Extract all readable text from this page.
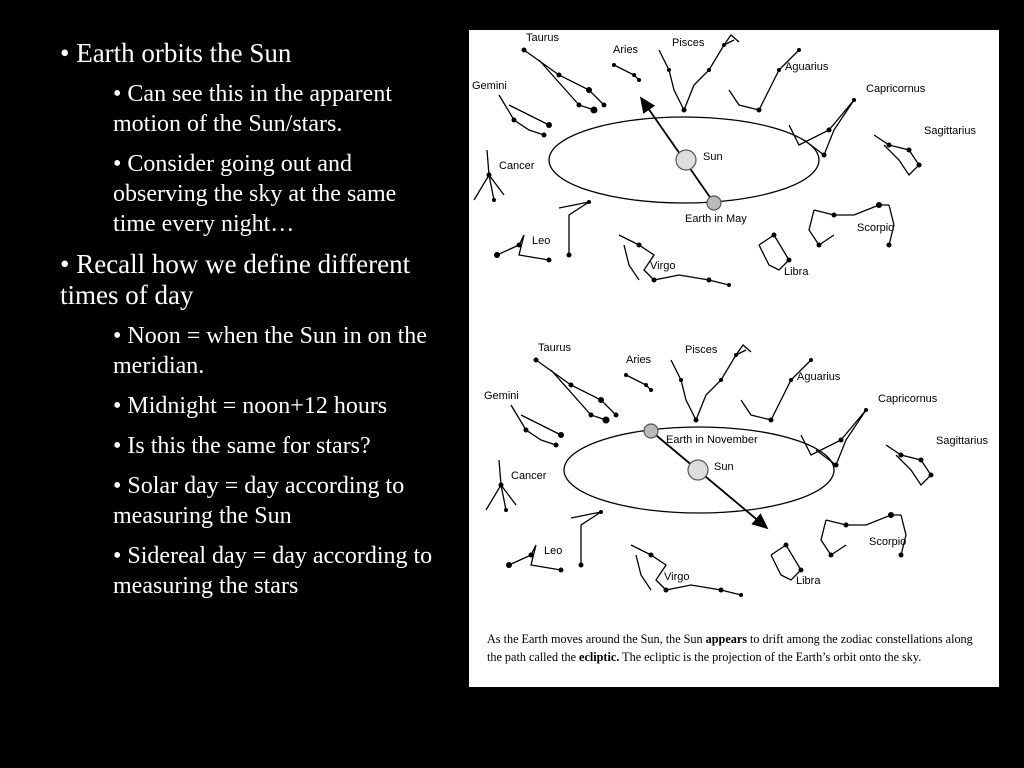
• Earth orbits the Sun
• Can see this in the apparent motion of the Sun/stars.
• Consider going out and observing the sky at the same time every night…
• Recall how we define different times of day
• Noon = when the Sun in on the meridian.
• Midnight = noon+12 hours
• Is this the same for stars?
• Solar day = day according to measuring the Sun
• Sidereal day = day according to measuring the stars
Taurus
Aries
Pisces
Aguarius
Gemini	Capricornus
Sagittarius
Cancer
Scorpio
Leo
Virgo	Libra
Sun
Earth in May
Taurus
Aries
Pisces
Aguarius
Gemini	Capricornus
Sagittarius
Cancer
Scorpio
Leo
Virgo	Libra
Sun
Earth in November
As the Earth moves around the Sun, the Sun appears to drift among the zodiac constellations along the path called the ecliptic. The ecliptic is the projection of the Earth’s orbit onto the sky.
